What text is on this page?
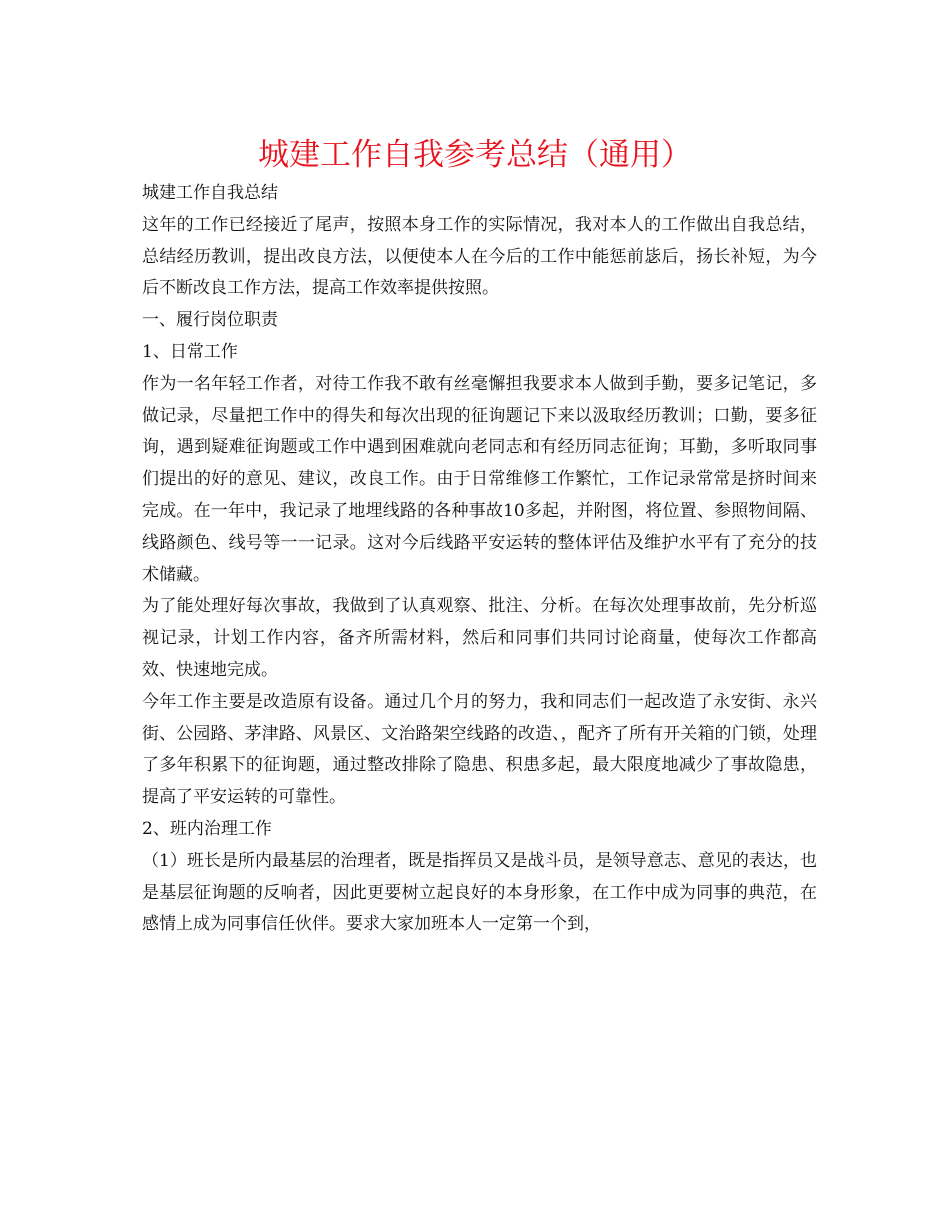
城建工作自我参考总结（通用）

城建工作自我总结

这年的工作已经接近了尾声，按照本身工作的实际情况，我对本人的工作做出自我总结，总结经历教训，提出改良方法，以便使本人在今后的工作中能惩前毖后，扬长补短，为今后不断改良工作方法，提高工作效率提供按照。

一、履行岗位职责

1、日常工作

作为一名年轻工作者，对待工作我不敢有丝毫懈担我要求本人做到手勤，要多记笔记，多做记录，尽量把工作中的得失和每次出现的征询题记下来以汲取经历教训；口勤，要多征询，遇到疑难征询题或工作中遇到困难就向老同志和有经历同志征询；耳勤，多听取同事们提出的好的意见、建议，改良工作。由于日常维修工作繁忙，工作记录常常是挤时间来完成。在一年中，我记录了地埋线路的各种事故10多起，并附图，将位置、参照物间隔、线路颜色、线号等一一记录。这对今后线路平安运转的整体评估及维护水平有了充分的技术储藏。

为了能处理好每次事故，我做到了认真观察、批注、分析。在每次处理事故前，先分析巡视记录，计划工作内容，备齐所需材料，然后和同事们共同讨论商量，使每次工作都高效、快速地完成。

今年工作主要是改造原有设备。通过几个月的努力，我和同志们一起改造了永安街、永兴街、公园路、茅津路、风景区、文治路架空线路的改造、，配齐了所有开关箱的门锁，处理了多年积累下的征询题，通过整改排除了隐患、积患多起，最大限度地减少了事故隐患，提高了平安运转的可靠性。

2、班内治理工作

（1）班长是所内最基层的治理者，既是指挥员又是战斗员，是领导意志、意见的表达，也是基层征询题的反响者，因此更要树立起良好的本身形象，在工作中成为同事的典范，在感情上成为同事信任伙伴。要求大家加班本人一定第一个到，
